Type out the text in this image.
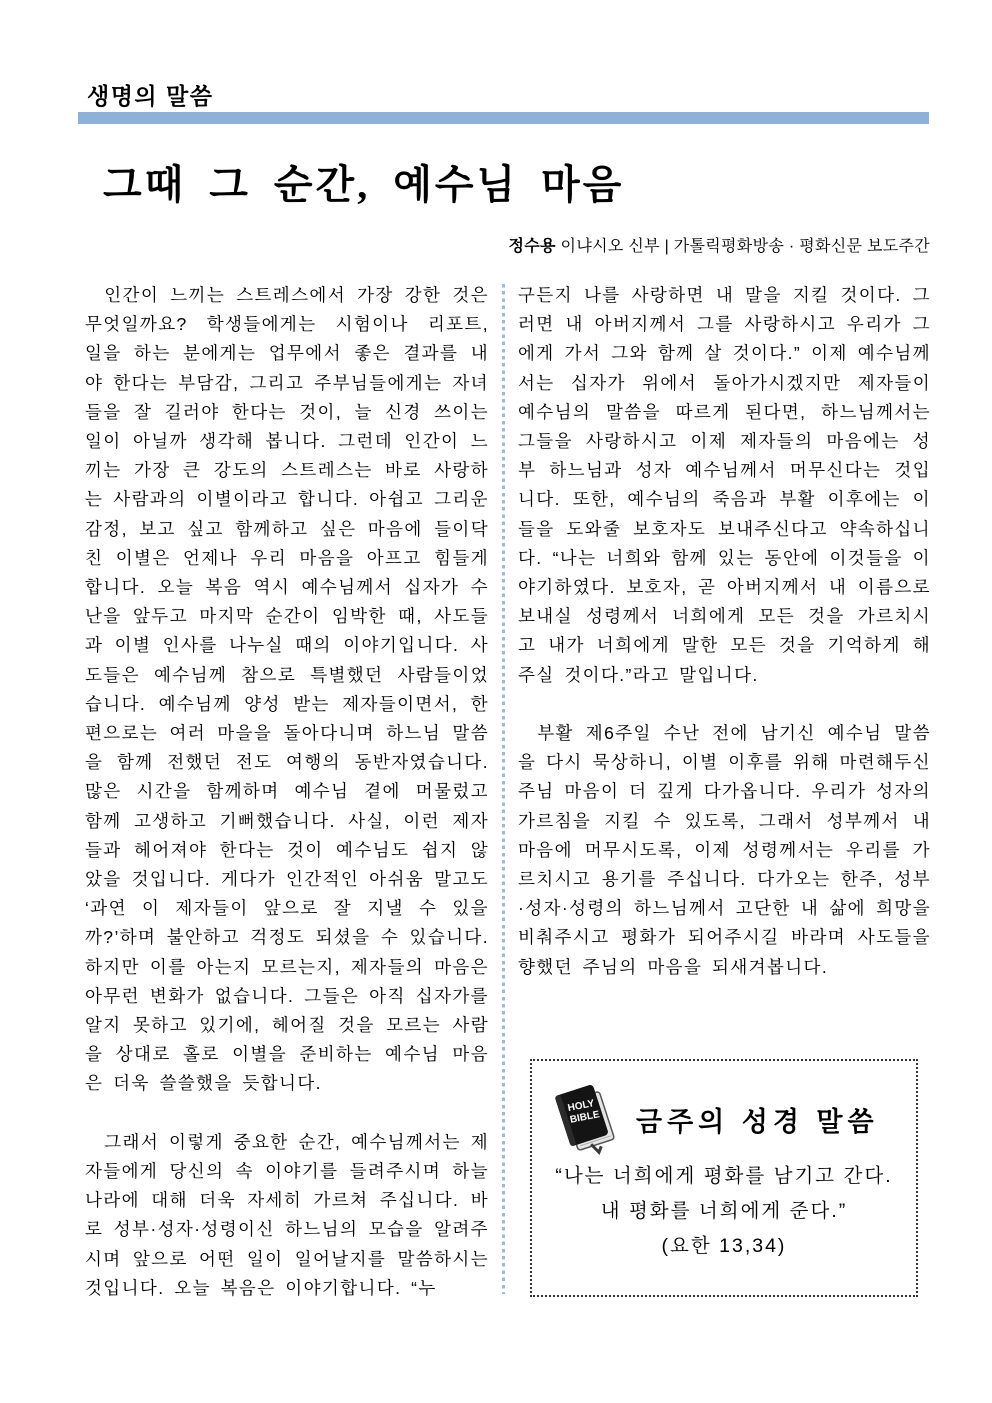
생명의 말씀
그때 그 순간, 예수님 마음
정수용 이냐시오 신부 | 가톨릭평화방송 · 평화신문 보도주간

인간이 느끼는 스트레스에서 가장 강한 것은 무엇일까요? 학생들에게는 시험이나 리포트, 일을 하는 분에게는 업무에서 좋은 결과를 내야 한다는 부담감, 그리고 주부님들에게는 자녀들을 잘 길러야 한다는 것이, 늘 신경 쓰이는 일이 아닐까 생각해 봅니다. 그런데 인간이 느끼는 가장 큰 강도의 스트레스는 바로 사랑하는 사람과의 이별이라고 합니다. 아쉽고 그리운 감정, 보고 싶고 함께하고 싶은 마음에 들이닥친 이별은 언제나 우리 마음을 아프고 힘들게 합니다. 오늘 복음 역시 예수님께서 십자가 수난을 앞두고 마지막 순간이 임박한 때, 사도들과 이별 인사를 나누실 때의 이야기입니다. 사도들은 예수님께 참으로 특별했던 사람들이었습니다. 예수님께 양성 받는 제자들이면서, 한편으로는 여러 마을을 돌아다니며 하느님 말씀을 함께 전했던 전도 여행의 동반자였습니다. 많은 시간을 함께하며 예수님 곁에 머물렀고 함께 고생하고 기뻐했습니다. 사실, 이런 제자들과 헤어져야 한다는 것이 예수님도 쉽지 않았을 것입니다. 게다가 인간적인 아쉬움 말고도 ‘과연 이 제자들이 앞으로 잘 지낼 수 있을까?’하며 불안하고 걱정도 되셨을 수 있습니다. 하지만 이를 아는지 모르는지, 제자들의 마음은 아무런 변화가 없습니다. 그들은 아직 십자가를 알지 못하고 있기에, 헤어질 것을 모르는 사람을 상대로 홀로 이별을 준비하는 예수님 마음은 더욱 쓸쓸했을 듯합니다.

그래서 이렇게 중요한 순간, 예수님께서는 제자들에게 당신의 속 이야기를 들려주시며 하늘나라에 대해 더욱 자세히 가르쳐 주십니다. 바로 성부·성자·성령이신 하느님의 모습을 알려주시며 앞으로 어떤 일이 일어날지를 말씀하시는 것입니다. 오늘 복음은 이야기합니다. “누

구든지 나를 사랑하면 내 말을 지킬 것이다. 그러면 내 아버지께서 그를 사랑하시고 우리가 그에게 가서 그와 함께 살 것이다.” 이제 예수님께서는 십자가 위에서 돌아가시겠지만 제자들이 예수님의 말씀을 따르게 된다면, 하느님께서는 그들을 사랑하시고 이제 제자들의 마음에는 성부 하느님과 성자 예수님께서 머무신다는 것입니다. 또한, 예수님의 죽음과 부활 이후에는 이들을 도와줄 보호자도 보내주신다고 약속하십니다. “나는 너희와 함께 있는 동안에 이것들을 이야기하였다. 보호자, 곧 아버지께서 내 이름으로 보내실 성령께서 너희에게 모든 것을 가르치시고 내가 너희에게 말한 모든 것을 기억하게 해 주실 것이다.”라고 말입니다.

부활 제6주일 수난 전에 남기신 예수님 말씀을 다시 묵상하니, 이별 이후를 위해 마련해두신 주님 마음이 더 깊게 다가옵니다. 우리가 성자의 가르침을 지킬 수 있도록, 그래서 성부께서 내 마음에 머무시도록, 이제 성령께서는 우리를 가르치시고 용기를 주십니다. 다가오는 한주, 성부·성자·성령의 하느님께서 고단한 내 삶에 희망을 비춰주시고 평화가 되어주시길 바라며 사도들을 향했던 주님의 마음을 되새겨봅니다.

HOLY
BIBLE 금주의 성경 말씀
“나는 너희에게 평화를 남기고 간다.
내 평화를 너희에게 준다.”
(요한 13,34)
